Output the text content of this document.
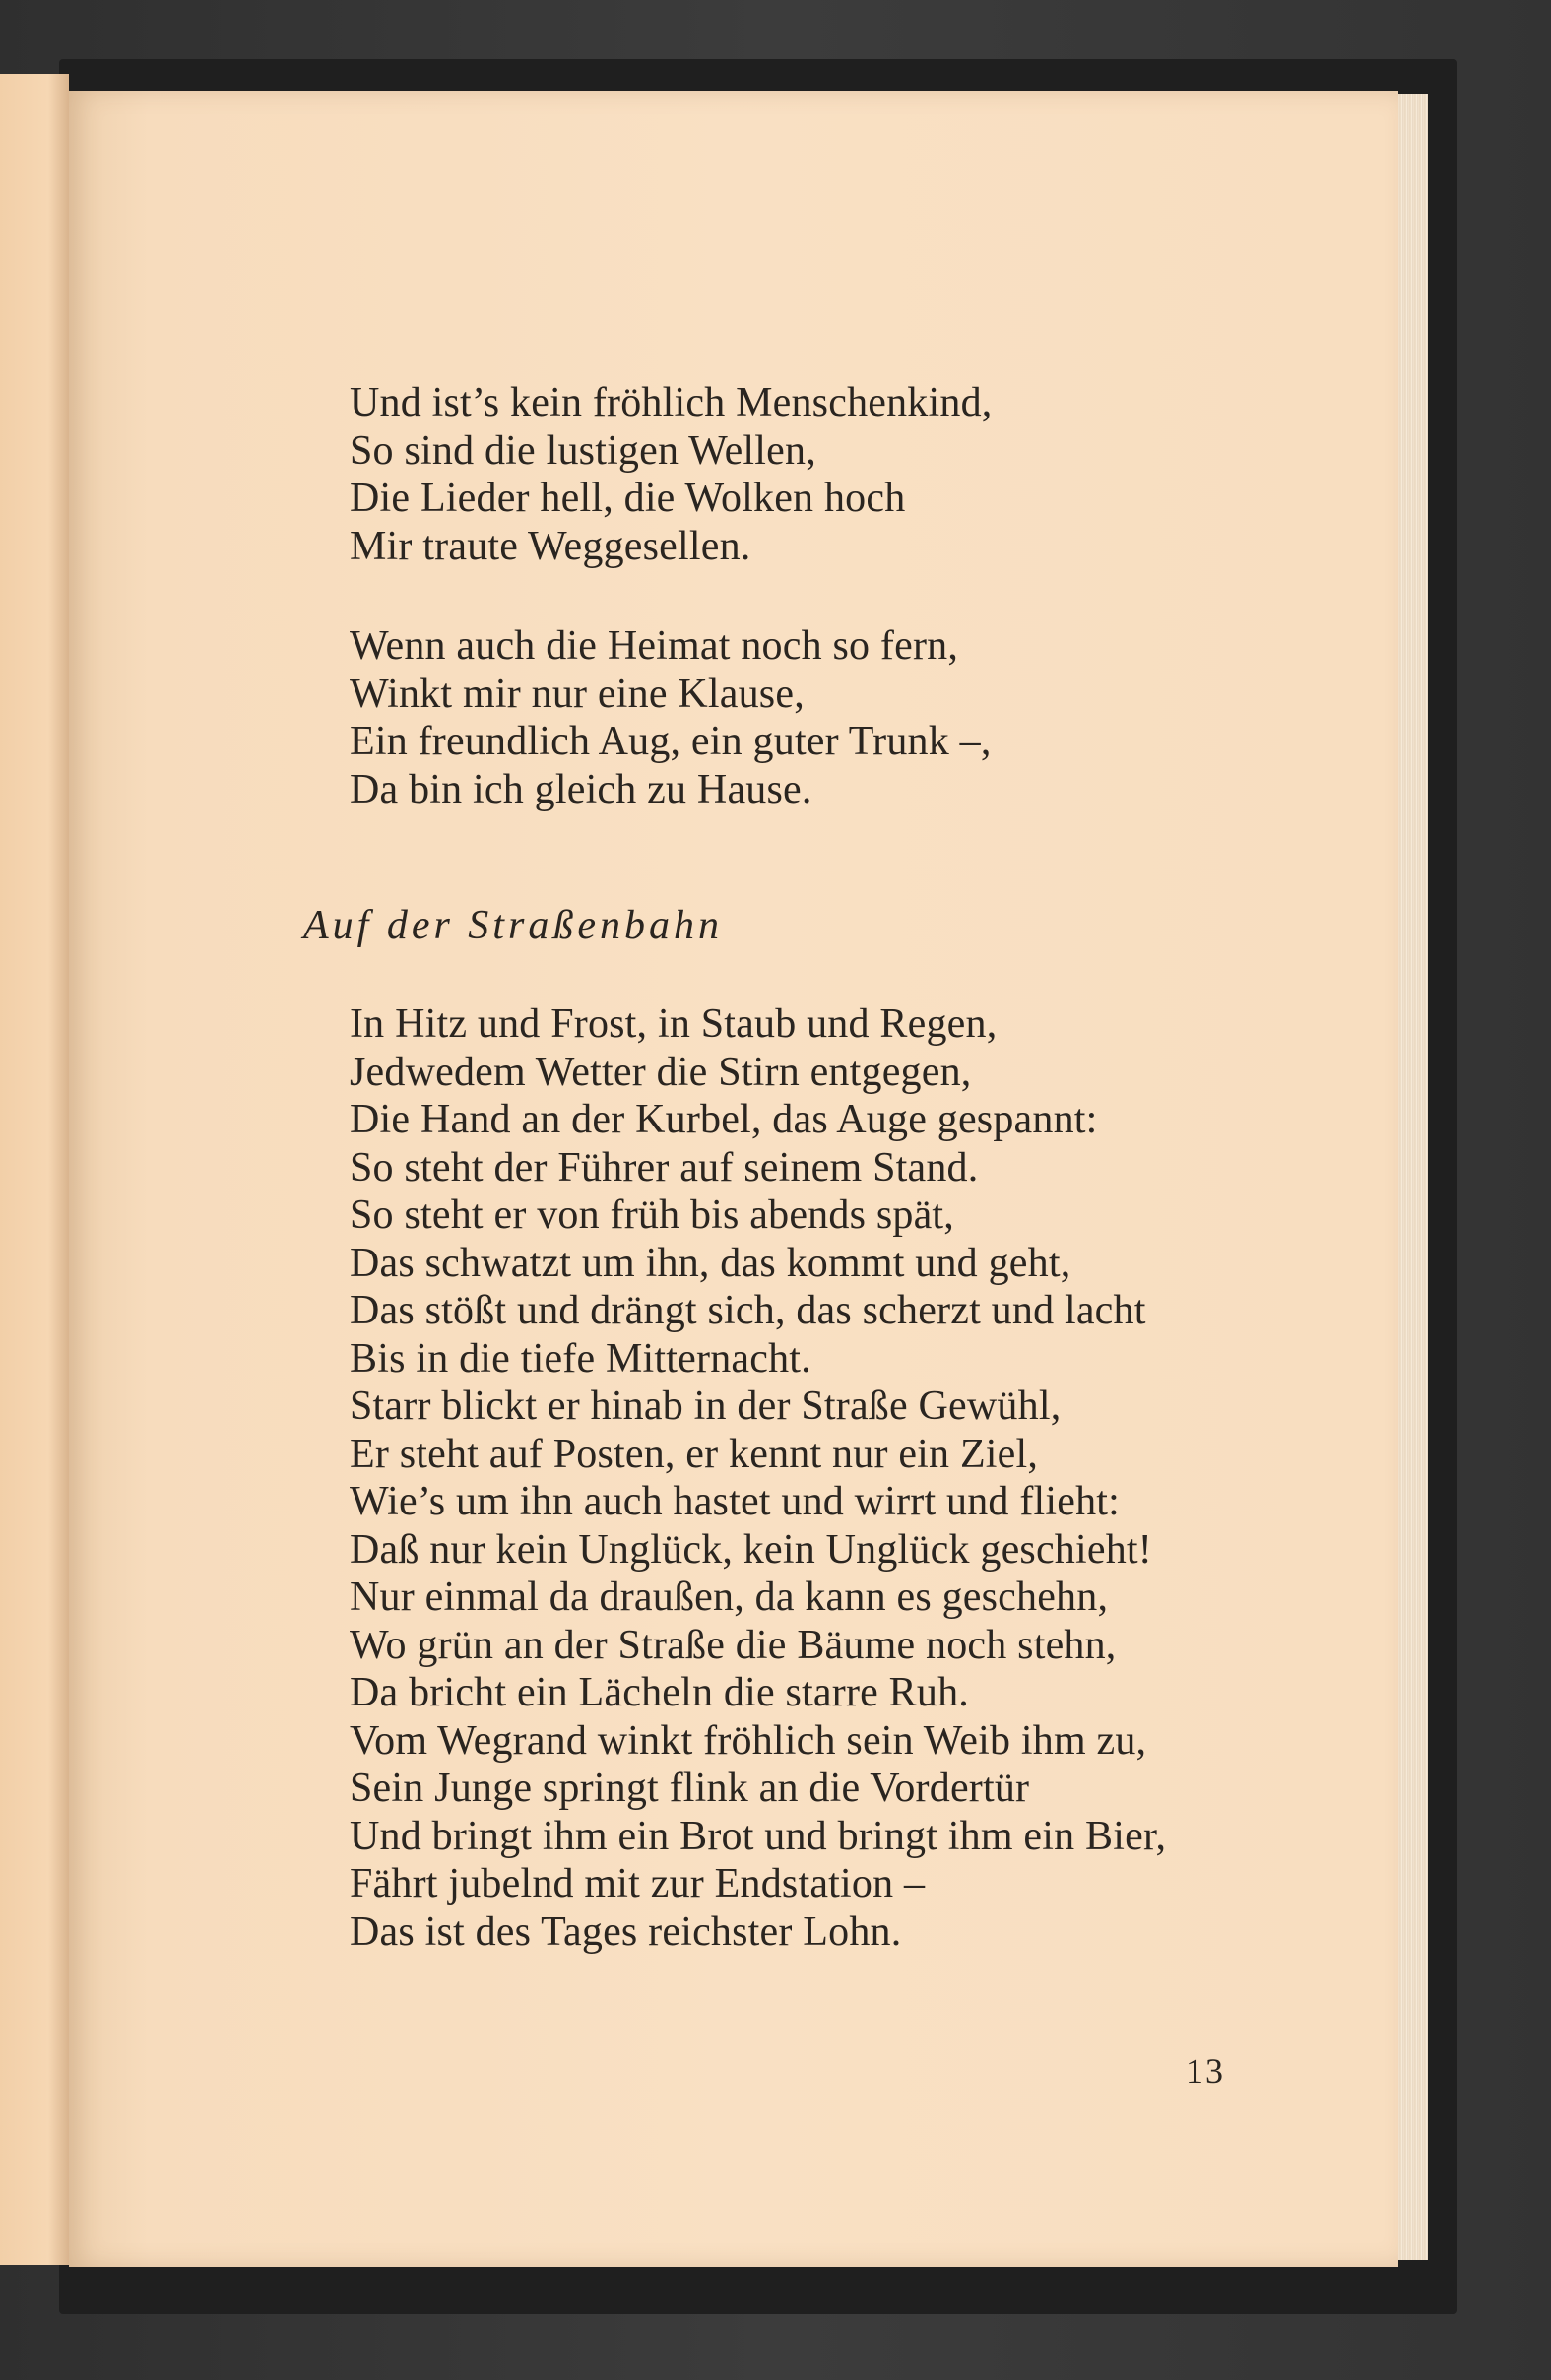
Und ist’s kein fröhlich Menschenkind,
So sind die lustigen Wellen,
Die Lieder hell, die Wolken hoch
Mir traute Weggesellen.
Wenn auch die Heimat noch so fern,
Winkt mir nur eine Klause,
Ein freundlich Aug, ein guter Trunk –,
Da bin ich gleich zu Hause.
Auf der Straßenbahn
In Hitz und Frost, in Staub und Regen,
Jedwedem Wetter die Stirn entgegen,
Die Hand an der Kurbel, das Auge gespannt:
So steht der Führer auf seinem Stand.
So steht er von früh bis abends spät,
Das schwatzt um ihn, das kommt und geht,
Das stößt und drängt sich, das scherzt und lacht
Bis in die tiefe Mitternacht.
Starr blickt er hinab in der Straße Gewühl,
Er steht auf Posten, er kennt nur ein Ziel,
Wie’s um ihn auch hastet und wirrt und flieht:
Daß nur kein Unglück, kein Unglück geschieht!
Nur einmal da draußen, da kann es geschehn,
Wo grün an der Straße die Bäume noch stehn,
Da bricht ein Lächeln die starre Ruh.
Vom Wegrand winkt fröhlich sein Weib ihm zu,
Sein Junge springt flink an die Vordertür
Und bringt ihm ein Brot und bringt ihm ein Bier,
Fährt jubelnd mit zur Endstation –
Das ist des Tages reichster Lohn.
13
